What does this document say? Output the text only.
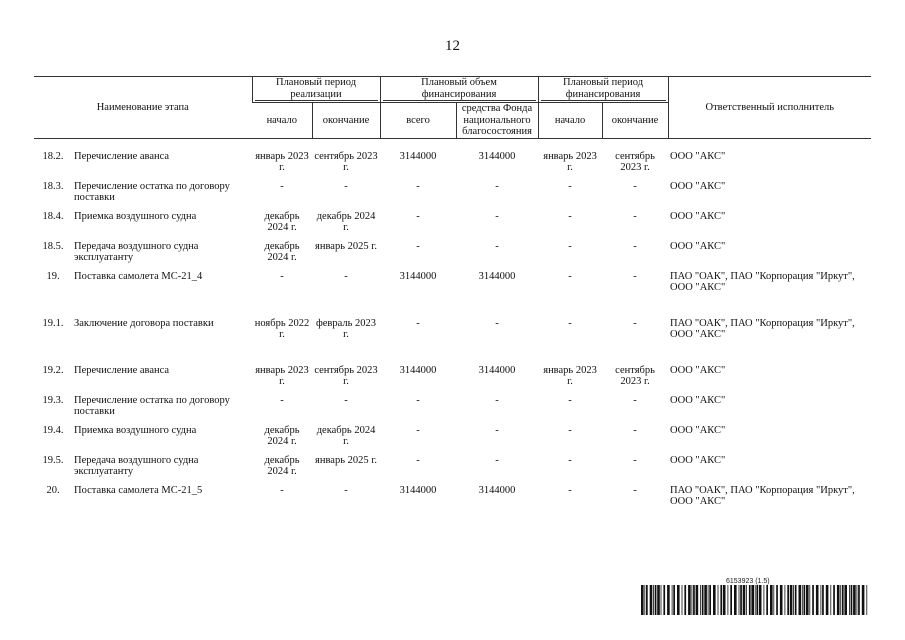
12
Наименование этапа		Плановый период реализации		Плановый объем финансирования		Плановый период финансирования		Ответственный исполнитель
		начало	окончание	всего	средства Фонда национального благосостояния	начало	окончание	

18.2.	Перечисление аванса	январь 2023 г.	сентябрь 2023 г.	3144000	3144000	январь 2023 г.	сентябрь 2023 г.	ООО "АКС"
18.3.	Перечисление остатка по договору поставки	-	-	-	-	-	-	ООО "АКС"
18.4.	Приемка воздушного судна	декабрь 2024 г.	декабрь 2024 г.	-	-	-	-	ООО "АКС"
18.5.	Передача воздушного судна эксплуатанту	декабрь 2024 г.	январь 2025 г.	-	-	-	-	ООО "АКС"
19.	Поставка самолета МС-21_4	-	-	3144000	3144000	-	-	ПАО "ОАК", ПАО "Корпорация "Иркут", ООО "АКС"
19.1.	Заключение договора поставки	ноябрь 2022 г.	февраль 2023 г.	-	-	-	-	ПАО "ОАК", ПАО "Корпорация "Иркут", ООО "АКС"
19.2.	Перечисление аванса	январь 2023 г.	сентябрь 2023 г.	3144000	3144000	январь 2023 г.	сентябрь 2023 г.	ООО "АКС"
19.3.	Перечисление остатка по договору поставки	-	-	-	-	-	-	ООО "АКС"
19.4.	Приемка воздушного судна	декабрь 2024 г.	декабрь 2024 г.	-	-	-	-	ООО "АКС"
19.5.	Передача воздушного судна эксплуатанту	декабрь 2024 г.	январь 2025 г.	-	-	-	-	ООО "АКС"
20.	Поставка самолета МС-21_5	-	-	3144000	3144000	-	-	ПАО "ОАК", ПАО "Корпорация "Иркут", ООО "АКС"
6153923 (1.5)
